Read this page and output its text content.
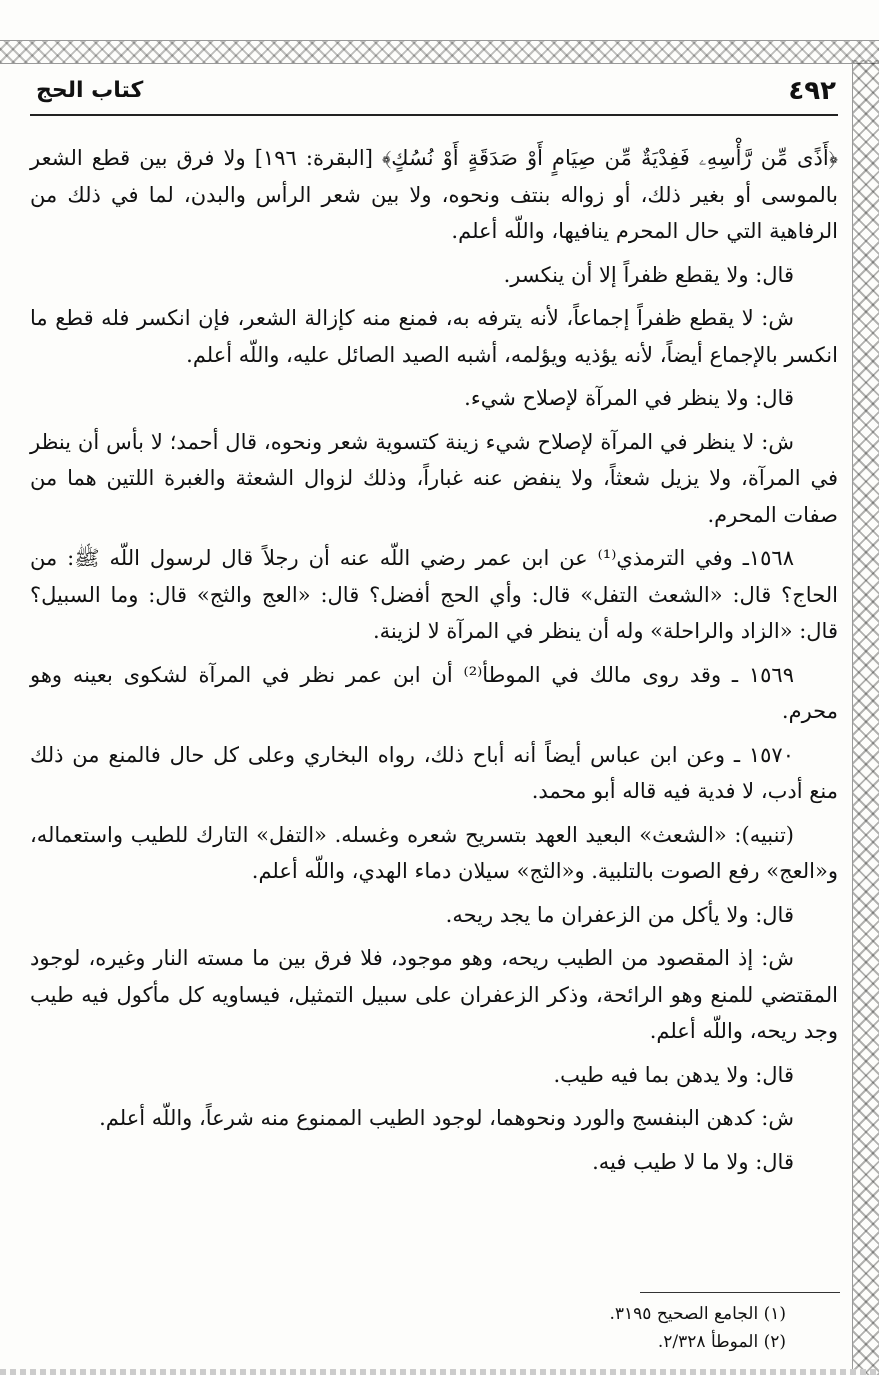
كتاب الحج	٤٩٢

﴿أَذًى مِّن رَّأْسِهِۦ فَفِدْيَةٌ مِّن صِيَامٍ أَوْ صَدَقَةٍ أَوْ نُسُكٍ﴾ [البقرة: ١٩٦] ولا فرق بين قطع الشعر بالموسى أو بغير ذلك، أو زواله بنتف ونحوه، ولا بين شعر الرأس والبدن، لما في ذلك من الرفاهية التي حال المحرم ينافيها، واللّه أعلم.

قال: ولا يقطع ظفراً إلا أن ينكسر.

ش: لا يقطع ظفراً إجماعاً، لأنه يترفه به، فمنع منه كإزالة الشعر، فإن انكسر فله قطع ما انكسر بالإجماع أيضاً، لأنه يؤذيه ويؤلمه، أشبه الصيد الصائل عليه، واللّه أعلم.

قال: ولا ينظر في المرآة لإصلاح شيء.

ش: لا ينظر في المرآة لإصلاح شيء زينة كتسوية شعر ونحوه، قال أحمد؛ لا بأس أن ينظر في المرآة، ولا يزيل شعثاً، ولا ينفض عنه غباراً، وذلك لزوال الشعثة والغبرة اللتين هما من صفات المحرم.

١٥٦٨ـ وفي الترمذي⁽¹⁾ عن ابن عمر رضي اللّه عنه أن رجلاً قال لرسول اللّه ﷺ: من الحاج؟ قال: «الشعث التفل» قال: وأي الحج أفضل؟ قال: «العج والثج» قال: وما السبيل؟ قال: «الزاد والراحلة» وله أن ينظر في المرآة لا لزينة.

١٥٦٩ ـ وقد روى مالك في الموطأ⁽²⁾ أن ابن عمر نظر في المرآة لشكوى بعينه وهو محرم.

١٥٧٠ ـ وعن ابن عباس أيضاً أنه أباح ذلك، رواه البخاري وعلى كل حال فالمنع من ذلك منع أدب، لا فدية فيه قاله أبو محمد.

(تنبيه): «الشعث» البعيد العهد بتسريح شعره وغسله. «التفل» التارك للطيب واستعماله، و«العج» رفع الصوت بالتلبية. و«الثج» سيلان دماء الهدي، واللّه أعلم.

قال: ولا يأكل من الزعفران ما يجد ريحه.

ش: إذ المقصود من الطيب ريحه، وهو موجود، فلا فرق بين ما مسته النار وغيره، لوجود المقتضي للمنع وهو الرائحة، وذكر الزعفران على سبيل التمثيل، فيساويه كل مأكول فيه طيب وجد ريحه، واللّه أعلم.

قال: ولا يدهن بما فيه طيب.

ش: كدهن البنفسج والورد ونحوهما، لوجود الطيب الممنوع منه شرعاً، واللّه أعلم.

قال: ولا ما لا طيب فيه.

(١) الجامع الصحيح ٣١٩٥.
(٢) الموطأ ٢/٣٢٨.
